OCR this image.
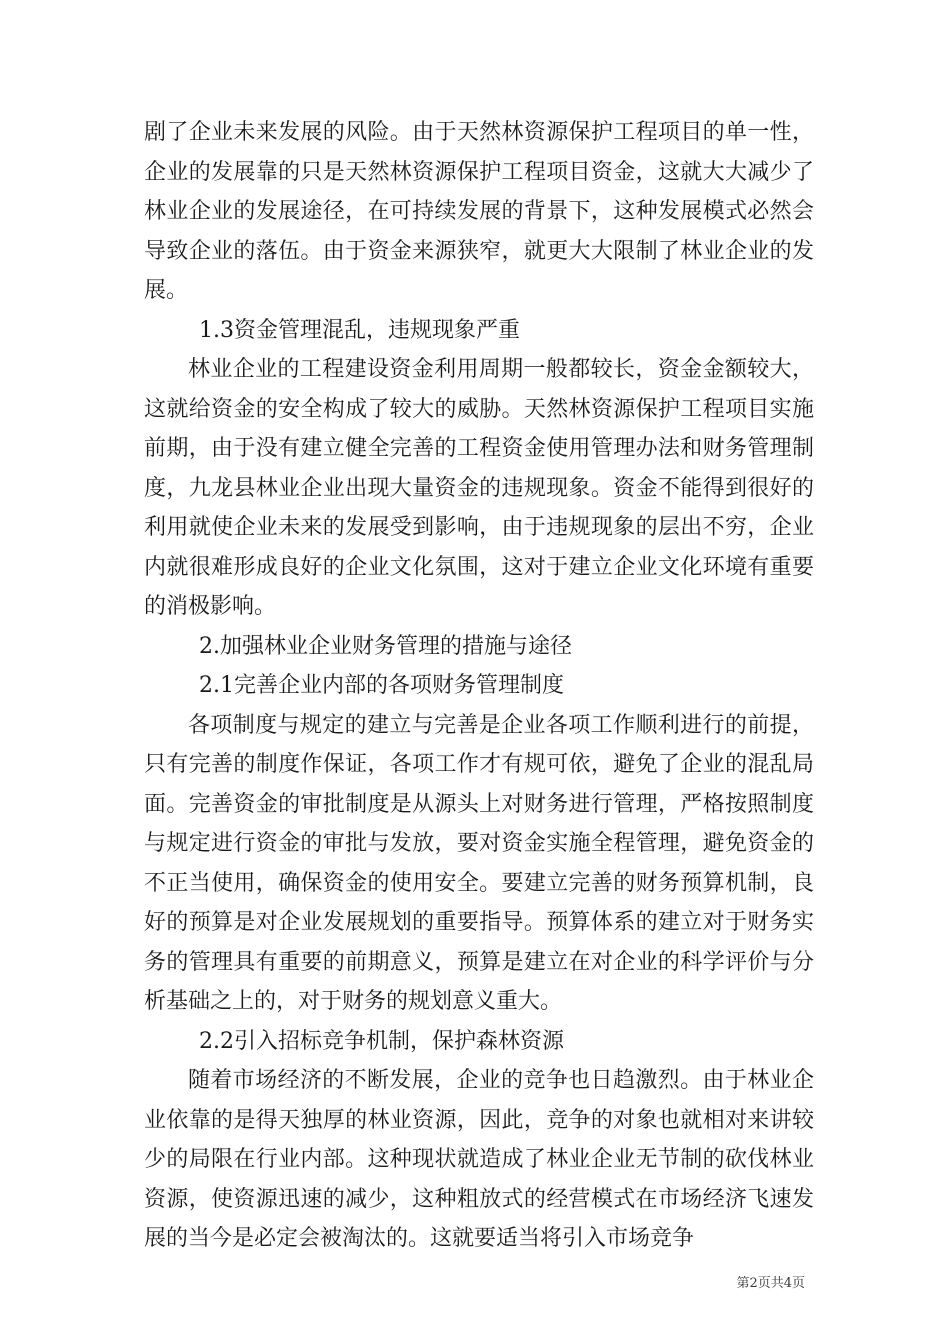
剧了企业未来发展的风险。由于天然林资源保护工程项目的单一性，企业的发展靠的只是天然林资源保护工程项目资金，这就大大减少了林业企业的发展途径，在可持续发展的背景下，这种发展模式必然会导致企业的落伍。由于资金来源狭窄，就更大大限制了林业企业的发展。

1.3资金管理混乱，违规现象严重

林业企业的工程建设资金利用周期一般都较长，资金金额较大，这就给资金的安全构成了较大的威胁。天然林资源保护工程项目实施前期，由于没有建立健全完善的工程资金使用管理办法和财务管理制度，九龙县林业企业出现大量资金的违规现象。资金不能得到很好的利用就使企业未来的发展受到影响，由于违规现象的层出不穷，企业内就很难形成良好的企业文化氛围，这对于建立企业文化环境有重要的消极影响。

2.加强林业企业财务管理的措施与途径

2.1完善企业内部的各项财务管理制度

各项制度与规定的建立与完善是企业各项工作顺利进行的前提，只有完善的制度作保证，各项工作才有规可依，避免了企业的混乱局面。完善资金的审批制度是从源头上对财务进行管理，严格按照制度与规定进行资金的审批与发放，要对资金实施全程管理，避免资金的不正当使用，确保资金的使用安全。要建立完善的财务预算机制，良好的预算是对企业发展规划的重要指导。预算体系的建立对于财务实务的管理具有重要的前期意义，预算是建立在对企业的科学评价与分析基础之上的，对于财务的规划意义重大。

2.2引入招标竞争机制，保护森林资源

随着市场经济的不断发展，企业的竞争也日趋激烈。由于林业企业依靠的是得天独厚的林业资源，因此，竞争的对象也就相对来讲较少的局限在行业内部。这种现状就造成了林业企业无节制的砍伐林业资源，使资源迅速的减少，这种粗放式的经营模式在市场经济飞速发展的当今是必定会被淘汰的。这就要适当将引入市场竞争

第2页共4页
